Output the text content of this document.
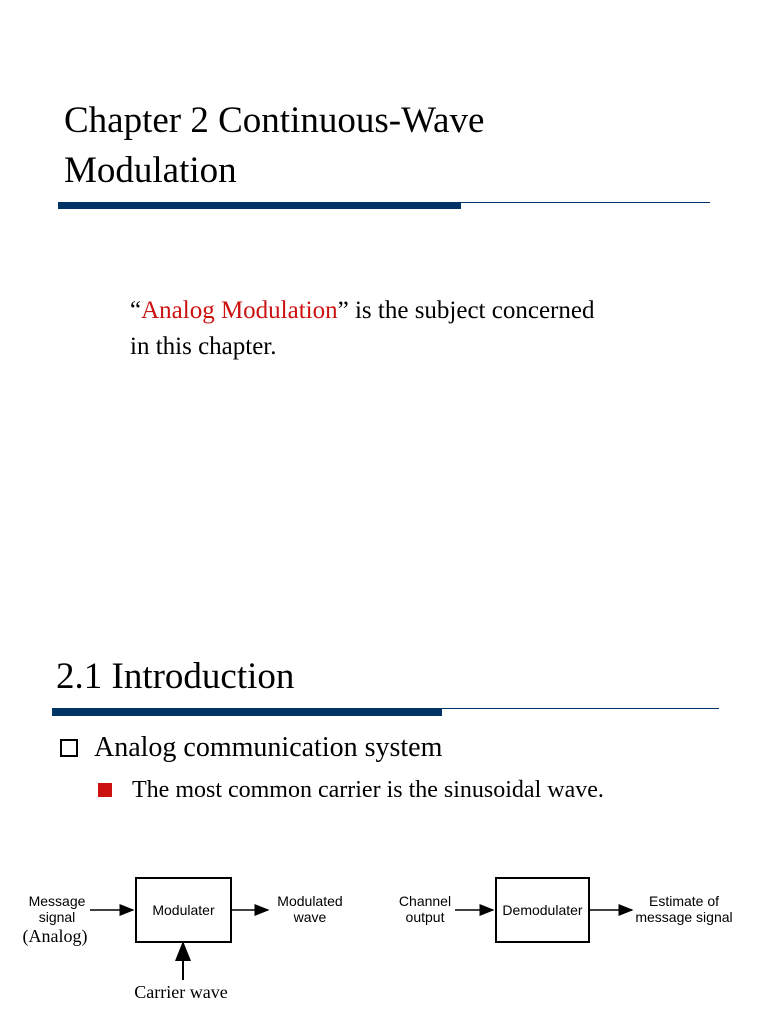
Chapter 2 Continuous-Wave
Modulation
“Analog Modulation” is the subject concerned
in this chapter.
2.1 Introduction
Analog communication system
The most common carrier is the sinusoidal wave.
Message
signal
(Analog)
Modulater
Modulated
wave
Carrier wave
Channel
output	Demodulater
Estimate of
message signal
